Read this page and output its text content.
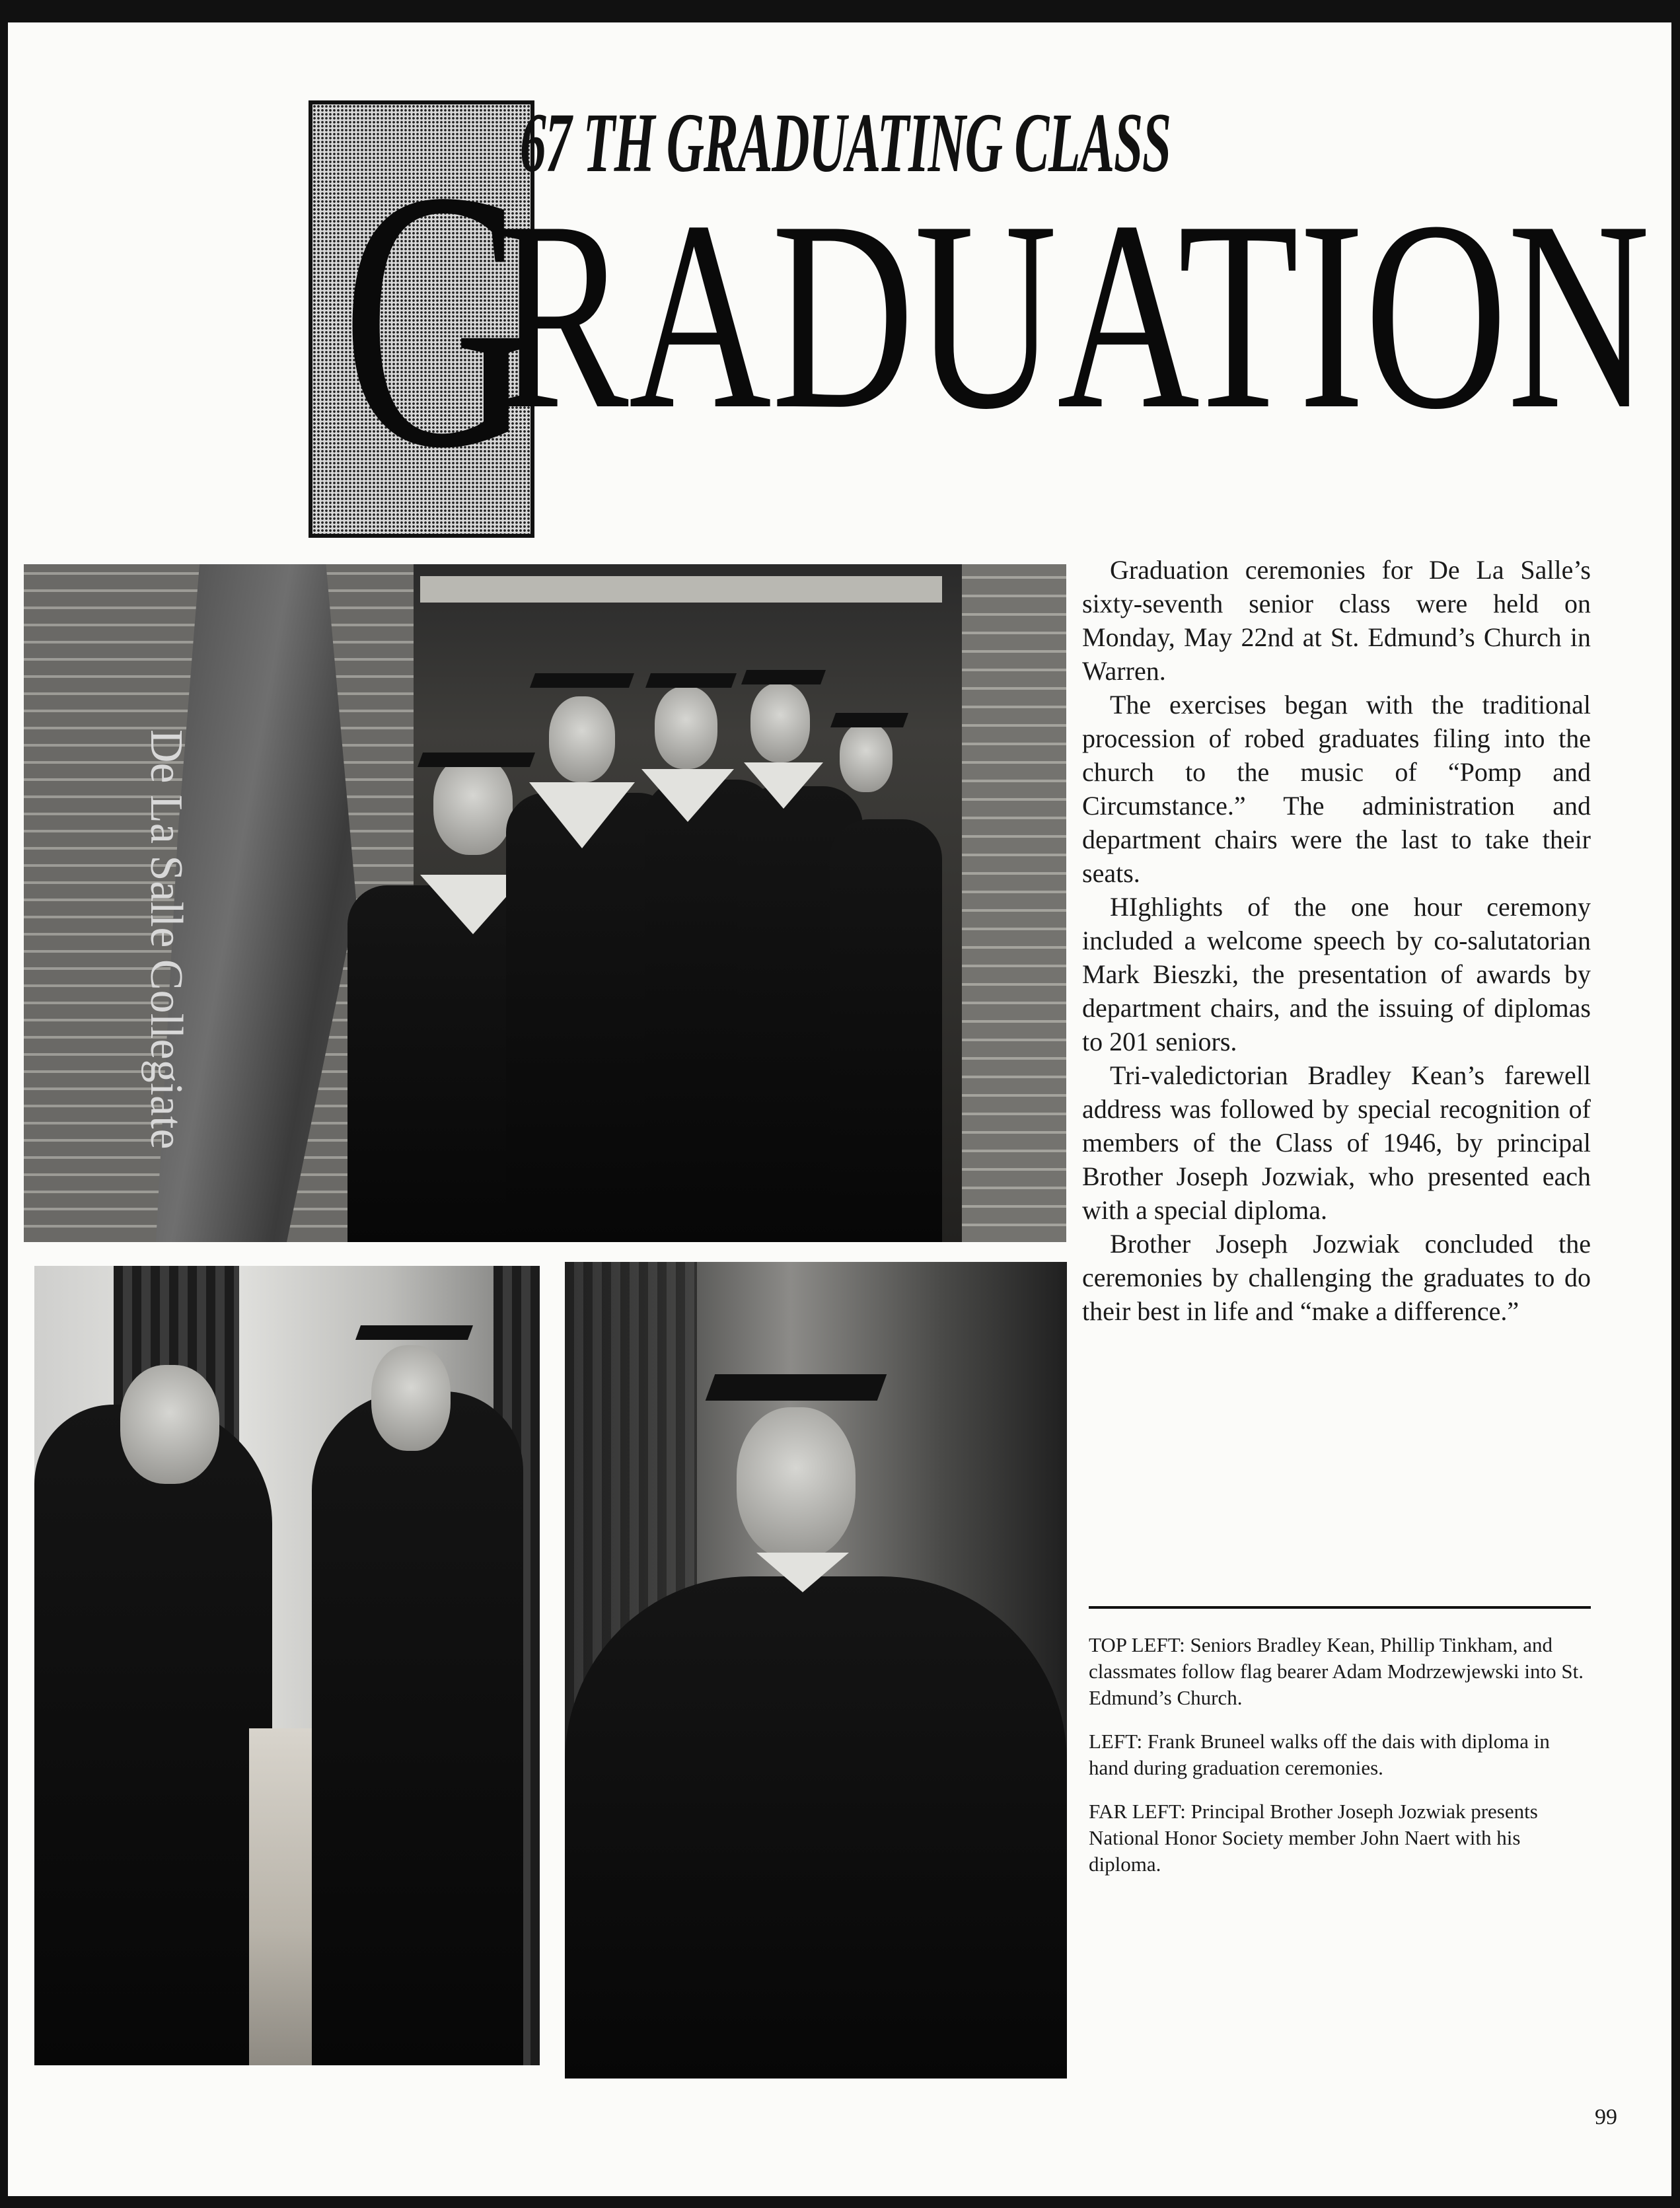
G
67 TH GRADUATING CLASS
RADUATION
De La Salle Collegiate

Graduation ceremonies for De La Salle’s sixty-seventh senior class were held on Monday, May 22nd at St. Edmund’s Church in Warren.

The exercises began with the traditional procession of robed graduates filing into the church to the music of “Pomp and Circumstance.” The administration and department chairs were the last to take their seats.

HIghlights of the one hour ceremony included a welcome speech by co-salutatorian Mark Bieszki, the presentation of awards by department chairs, and the issuing of diplomas to 201 seniors.

Tri-valedictorian Bradley Kean’s farewell address was followed by special recognition of members of the Class of 1946, by principal Brother Joseph Jozwiak, who presented each with a special diploma.

Brother Joseph Jozwiak concluded the ceremonies by challenging the graduates to do their best in life and “make a difference.”

TOP LEFT: Seniors Bradley Kean, Phillip Tinkham, and classmates follow flag bearer Adam Modrzewjewski into St. Edmund’s Church.

LEFT: Frank Bruneel walks off the dais with diploma in hand during graduation ceremonies.

FAR LEFT: Principal Brother Joseph Jozwiak presents National Honor Society member John Naert with his diploma.

99
